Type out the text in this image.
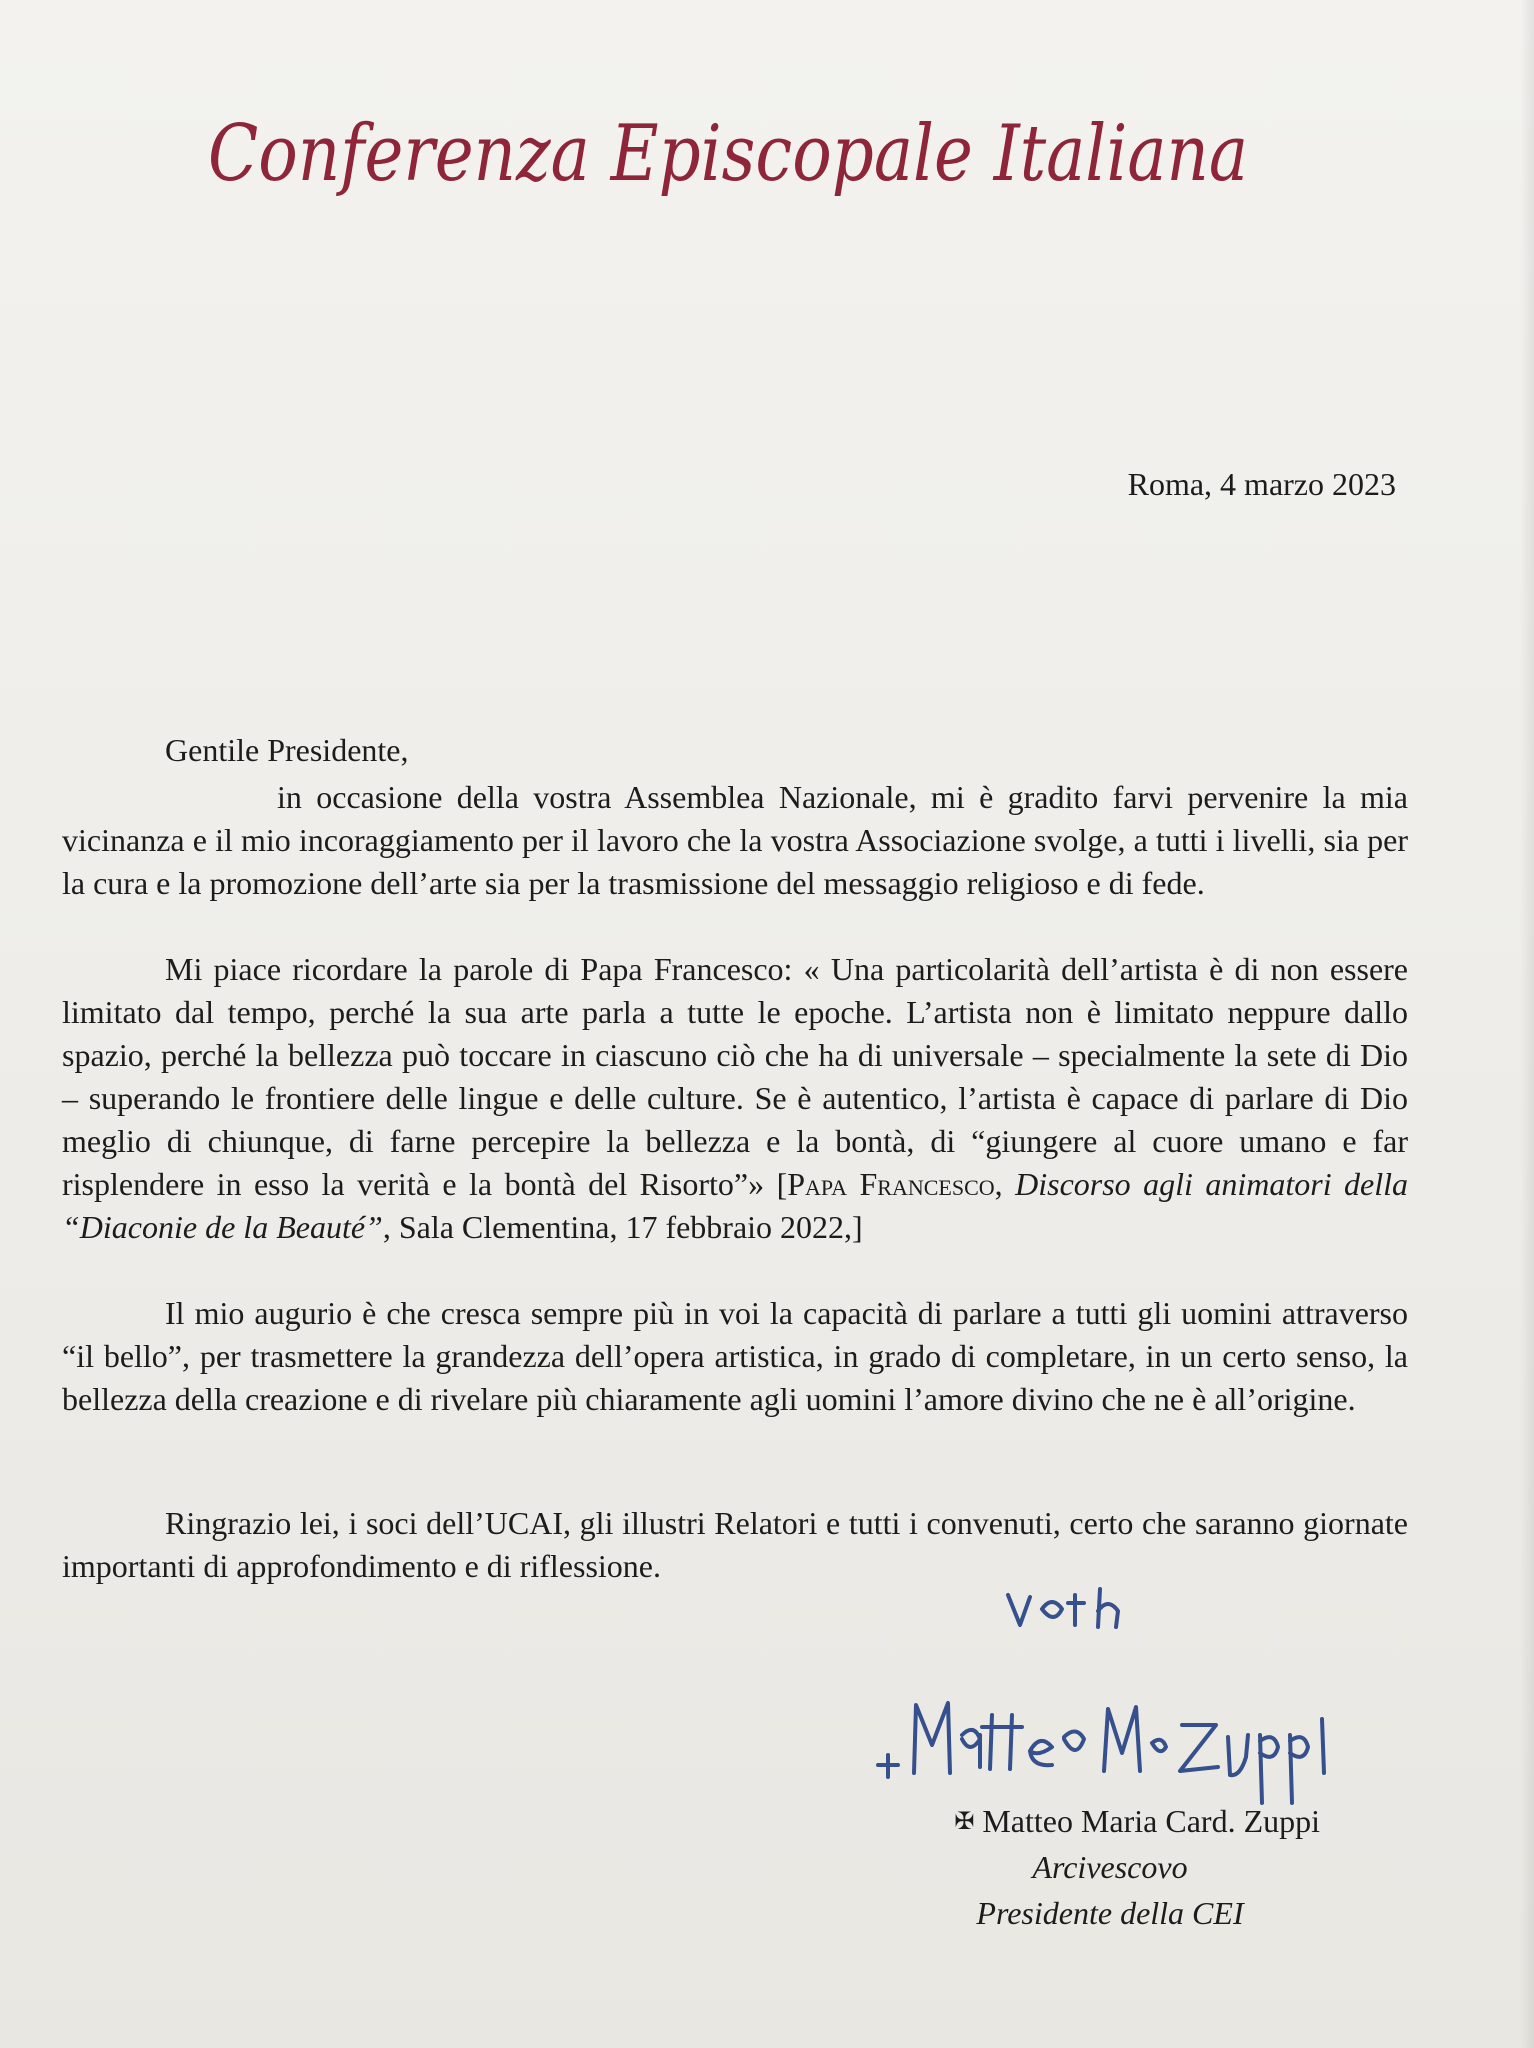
Conferenza Episcopale Italiana
Roma, 4 marzo 2023
Gentile Presidente,

in occasione della vostra Assemblea Nazionale, mi è gradito farvi pervenire la mia vicinanza e il mio incoraggiamento per il lavoro che la vostra Associazione svolge, a tutti i livelli, sia per la cura e la promozione dell’arte sia per la trasmissione del messaggio religioso e di fede.

Mi piace ricordare la parole di Papa Francesco: « Una particolarità dell’artista è di non essere limitato dal tempo, perché la sua arte parla a tutte le epoche. L’artista non è limitato neppure dallo spazio, perché la bellezza può toccare in ciascuno ciò che ha di universale – specialmente la sete di Dio – superando le frontiere delle lingue e delle culture. Se è autentico, l’artista è capace di parlare di Dio meglio di chiunque, di farne percepire la bellezza e la bontà, di “giungere al cuore umano e far risplendere in esso la verità e la bontà del Risorto”» [Papa Francesco, Discorso agli animatori della “Diaconie de la Beauté”, Sala Clementina, 17 febbraio 2022,]

Il mio augurio è che cresca sempre più in voi la capacità di parlare a tutti gli uomini attraverso “il bello”, per trasmettere la grandezza dell’opera artistica, in grado di completare, in un certo senso, la bellezza della creazione e di rivelare più chiaramente agli uomini l’amore divino che ne è all’origine.

Ringrazio lei, i soci dell’UCAI, gli illustri Relatori e tutti i convenuti, certo che saranno giornate importanti di approfondimento e di riflessione.

✠ Matteo Maria Card. Zuppi
Arcivescovo
Presidente della CEI
